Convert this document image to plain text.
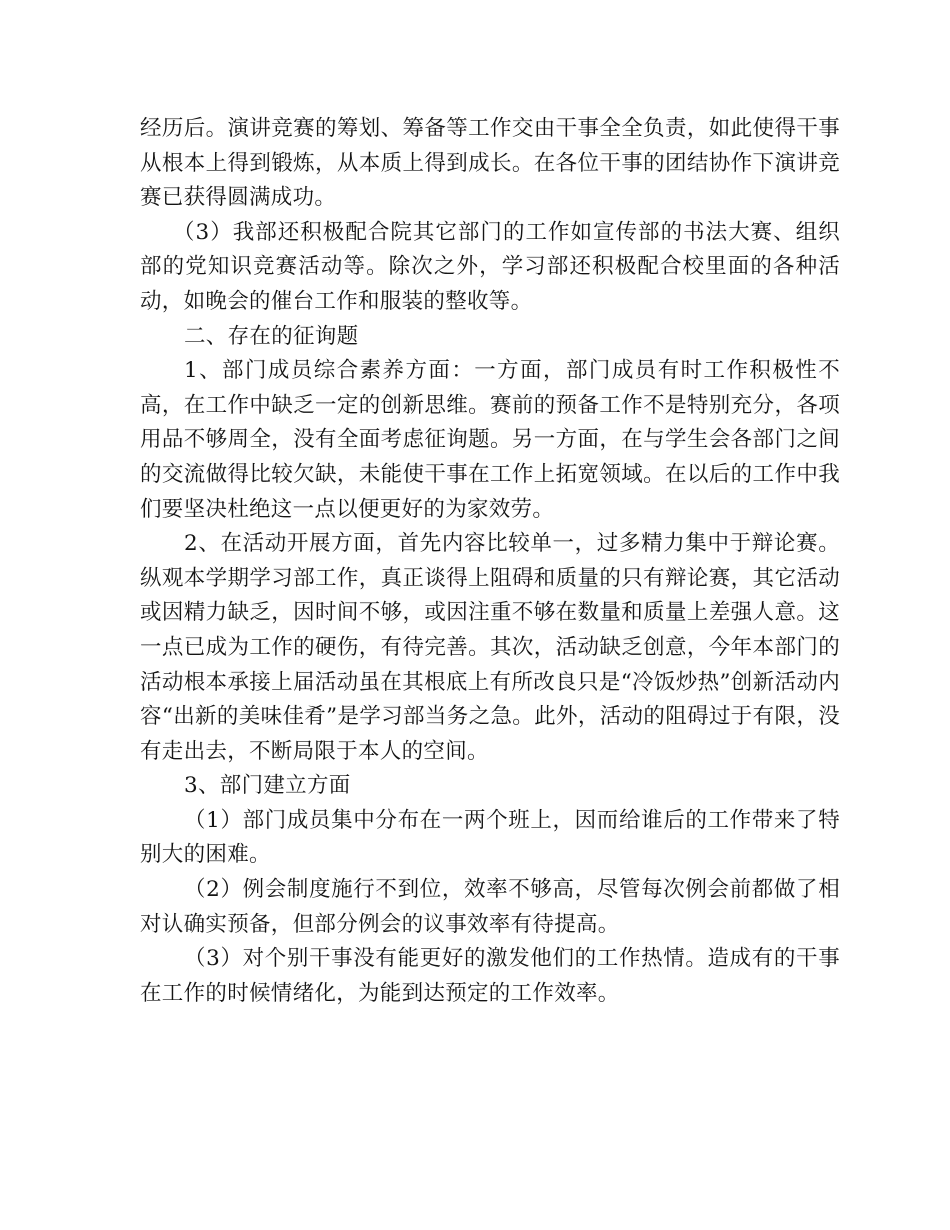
经历后。演讲竞赛的筹划、筹备等工作交由干事全全负责，如此使得干事从根本上得到锻炼，从本质上得到成长。在各位干事的团结协作下演讲竞赛已获得圆满成功。

（3）我部还积极配合院其它部门的工作如宣传部的书法大赛、组织部的党知识竞赛活动等。除次之外，学习部还积极配合校里面的各种活动，如晚会的催台工作和服装的整收等。

二、存在的征询题

1、部门成员综合素养方面：一方面，部门成员有时工作积极性不高，在工作中缺乏一定的创新思维。赛前的预备工作不是特别充分，各项用品不够周全，没有全面考虑征询题。另一方面，在与学生会各部门之间的交流做得比较欠缺，未能使干事在工作上拓宽领域。在以后的工作中我们要坚决杜绝这一点以便更好的为家效劳。

2、在活动开展方面，首先内容比较单一，过多精力集中于辩论赛。纵观本学期学习部工作，真正谈得上阻碍和质量的只有辩论赛，其它活动或因精力缺乏，因时间不够，或因注重不够在数量和质量上差强人意。这一点已成为工作的硬伤，有待完善。其次，活动缺乏创意，今年本部门的活动根本承接上届活动虽在其根底上有所改良只是“冷饭炒热”创新活动内容“出新的美味佳肴”是学习部当务之急。此外，活动的阻碍过于有限，没有走出去，不断局限于本人的空间。

3、部门建立方面

（1）部门成员集中分布在一两个班上，因而给谁后的工作带来了特别大的困难。

（2）例会制度施行不到位，效率不够高，尽管每次例会前都做了相对认确实预备，但部分例会的议事效率有待提高。

（3）对个别干事没有能更好的激发他们的工作热情。造成有的干事在工作的时候情绪化，为能到达预定的工作效率。
